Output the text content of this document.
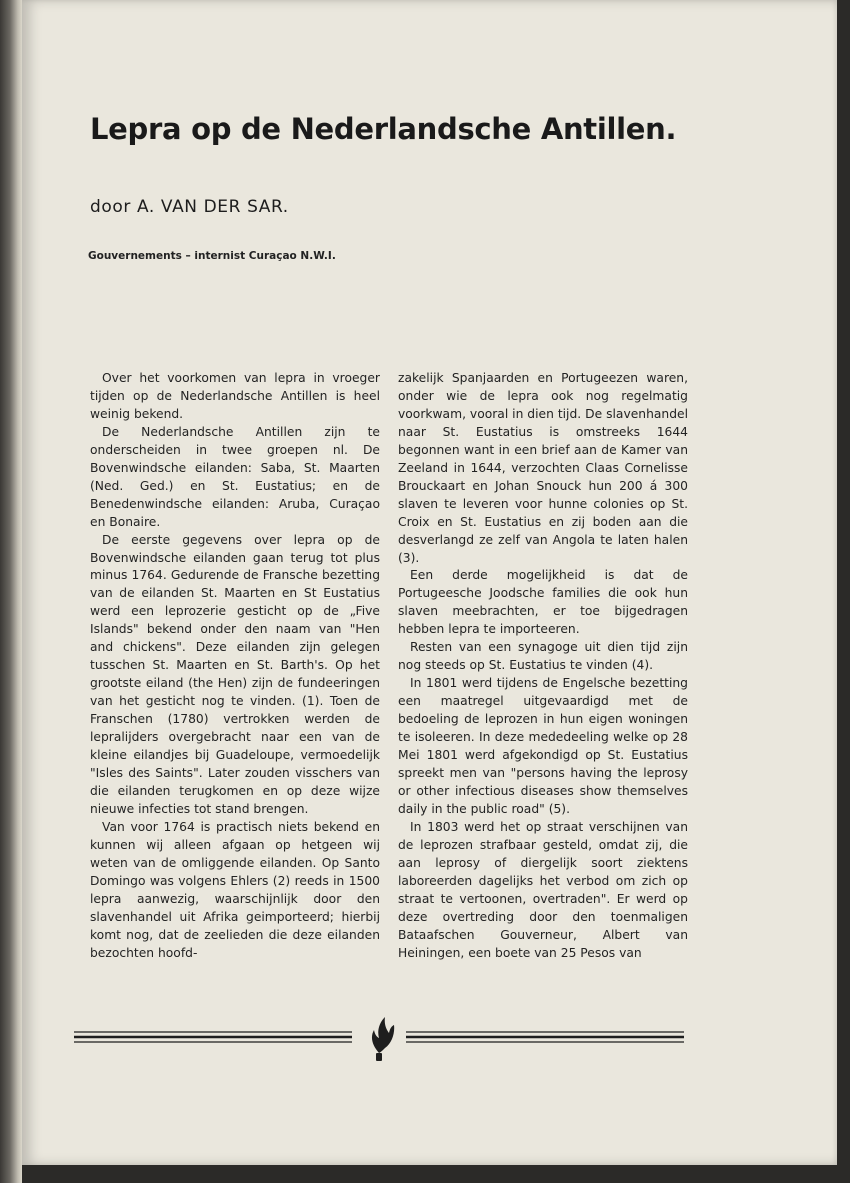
Lepra op de Nederlandsche Antillen.
door A. VAN DER SAR.
Gouvernements – internist Curaçao N.W.I.

Over het voorkomen van lepra in vroeger tijden op de Nederlandsche Antillen is heel weinig bekend.

De Nederlandsche Antillen zijn te onderscheiden in twee groepen nl. De Bovenwindsche eilanden: Saba, St. Maarten (Ned. Ged.) en St. Eustatius; en de Benedenwindsche eilanden: Aruba, Curaçao en Bonaire.

De eerste gegevens over lepra op de Bovenwindsche eilanden gaan terug tot plus minus 1764. Gedurende de Fransche bezetting van de eilanden St. Maarten en St Eustatius werd een leprozerie gesticht op de „Five Islands" bekend onder den naam van "Hen and chickens". Deze eilanden zijn gelegen tusschen St. Maarten en St. Barth's. Op het grootste eiland (the Hen) zijn de fundeeringen van het gesticht nog te vinden. (1). Toen de Franschen (1780) vertrokken werden de lepralijders overgebracht naar een van de kleine eilandjes bij Guadeloupe, vermoedelijk "Isles des Saints". Later zouden visschers van die eilanden terugkomen en op deze wijze nieuwe infecties tot stand brengen.

Van voor 1764 is practisch niets bekend en kunnen wij alleen afgaan op hetgeen wij weten van de omliggende eilanden. Op Santo Domingo was volgens Ehlers (2) reeds in 1500 lepra aanwezig, waarschijnlijk door den slavenhandel uit Afrika geimporteerd; hierbij komt nog, dat de zeelieden die deze eilanden bezochten hoofd-

zakelijk Spanjaarden en Portugeezen waren, onder wie de lepra ook nog regelmatig voorkwam, vooral in dien tijd. De slavenhandel naar St. Eustatius is omstreeks 1644 begonnen want in een brief aan de Kamer van Zeeland in 1644, verzochten Claas Cornelisse Brouckaart en Johan Snouck hun 200 á 300 slaven te leveren voor hunne colonies op St. Croix en St. Eustatius en zij boden aan die desverlangd ze zelf van Angola te laten halen (3).

Een derde mogelijkheid is dat de Portugeesche Joodsche families die ook hun slaven meebrachten, er toe bijgedragen hebben lepra te importeeren.

Resten van een synagoge uit dien tijd zijn nog steeds op St. Eustatius te vinden (4).

In 1801 werd tijdens de Engelsche bezetting een maatregel uitgevaardigd met de bedoeling de leprozen in hun eigen woningen te isoleeren. In deze mededeeling welke op 28 Mei 1801 werd afgekondigd op St. Eustatius spreekt men van "persons having the leprosy or other infectious diseases show themselves daily in the public road" (5).

In 1803 werd het op straat verschijnen van de leprozen strafbaar gesteld, omdat zij, die aan leprosy of diergelijk soort ziektens laboreerden dagelijks het verbod om zich op straat te vertoonen, overtraden". Er werd op deze overtreding door den toenmaligen Bataafschen Gouverneur, Albert van Heiningen, een boete van 25 Pesos van
